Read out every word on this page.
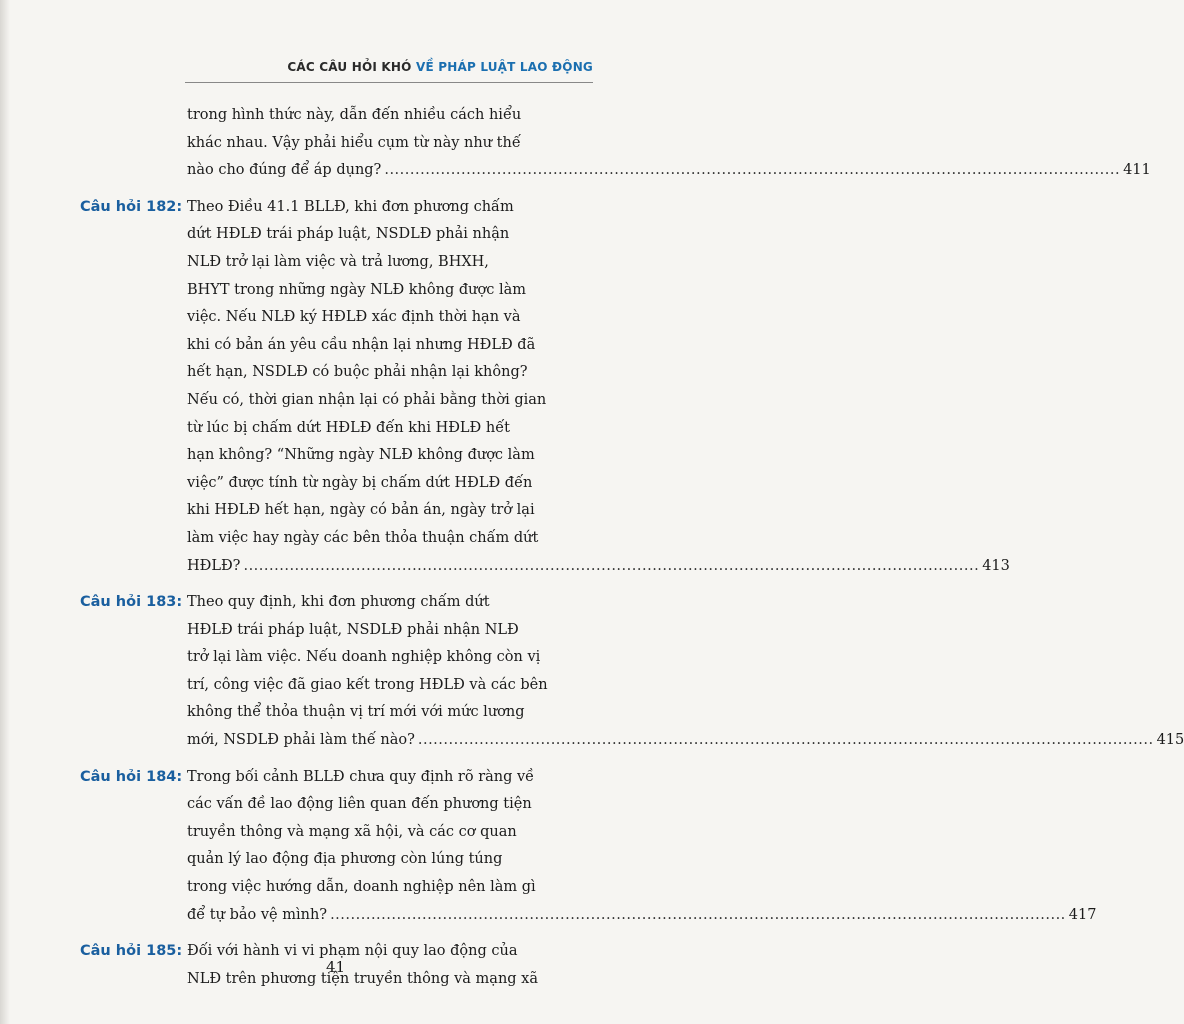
CÁC CÂU HỎI KHÓ VỀ PHÁP LUẬT LAO ĐỘNG
trong hình thức này, dẫn đến nhiều cách hiểu
khác nhau. Vậy phải hiểu cụm từ này như thế
nào cho đúng để áp dụng? .....	411
Câu hỏi 182: Theo Điều 41.1 BLLĐ, khi đơn phương chấm
dứt HĐLĐ trái pháp luật, NSDLĐ phải nhận
NLĐ trở lại làm việc và trả lương, BHXH,
BHYT trong những ngày NLĐ không được làm
việc. Nếu NLĐ ký HĐLĐ xác định thời hạn và
khi có bản án yêu cầu nhận lại nhưng HĐLĐ đã
hết hạn, NSDLĐ có buộc phải nhận lại không?
Nếu có, thời gian nhận lại có phải bằng thời gian
từ lúc bị chấm dứt HĐLĐ đến khi HĐLĐ hết
hạn không? “Những ngày NLĐ không được làm
việc” được tính từ ngày bị chấm dứt HĐLĐ đến
khi HĐLĐ hết hạn, ngày có bản án, ngày trở lại
làm việc hay ngày các bên thỏa thuận chấm dứt
HĐLĐ? .....	413
Câu hỏi 183: Theo quy định, khi đơn phương chấm dứt
HĐLĐ trái pháp luật, NSDLĐ phải nhận NLĐ
trở lại làm việc. Nếu doanh nghiệp không còn vị
trí, công việc đã giao kết trong HĐLĐ và các bên
không thể thỏa thuận vị trí mới với mức lương
mới, NSDLĐ phải làm thế nào? .....	415
Câu hỏi 184: Trong bối cảnh BLLĐ chưa quy định rõ ràng về
các vấn đề lao động liên quan đến phương tiện
truyền thông và mạng xã hội, và các cơ quan
quản lý lao động địa phương còn lúng túng
trong việc hướng dẫn, doanh nghiệp nên làm gì
để tự bảo vệ mình? .....	417
Câu hỏi 185: Đối với hành vi vi phạm nội quy lao động của
NLĐ trên phương tiện truyền thông và mạng xã
41
